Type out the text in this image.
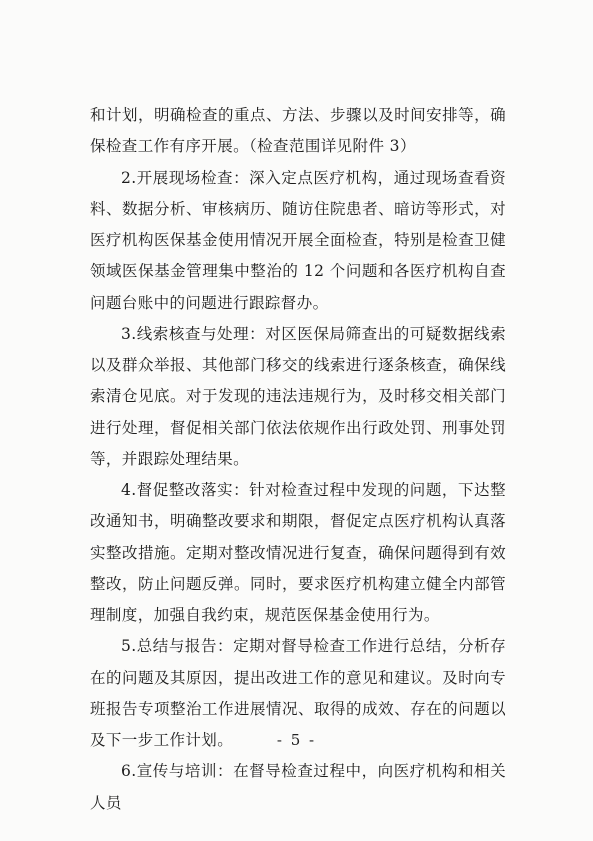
和计划，明确检查的重点、方法、步骤以及时间安排等，确保检查工作有序开展。（检查范围详见附件 3）

2.开展现场检查：深入定点医疗机构，通过现场查看资料、数据分析、审核病历、随访住院患者、暗访等形式，对医疗机构医保基金使用情况开展全面检查，特别是检查卫健领域医保基金管理集中整治的 12 个问题和各医疗机构自查问题台账中的问题进行跟踪督办。

3.线索核查与处理：对区医保局筛查出的可疑数据线索以及群众举报、其他部门移交的线索进行逐条核查，确保线索清仓见底。对于发现的违法违规行为，及时移交相关部门进行处理，督促相关部门依法依规作出行政处罚、刑事处罚等，并跟踪处理结果。

4.督促整改落实：针对检查过程中发现的问题，下达整改通知书，明确整改要求和期限，督促定点医疗机构认真落实整改措施。定期对整改情况进行复查，确保问题得到有效整改，防止问题反弹。同时，要求医疗机构建立健全内部管理制度，加强自我约束，规范医保基金使用行为。

5.总结与报告：定期对督导检查工作进行总结，分析存在的问题及其原因，提出改进工作的意见和建议。及时向专班报告专项整治工作进展情况、取得的成效、存在的问题以及下一步工作计划。

6.宣传与培训：在督导检查过程中，向医疗机构和相关人员

- 5 -
